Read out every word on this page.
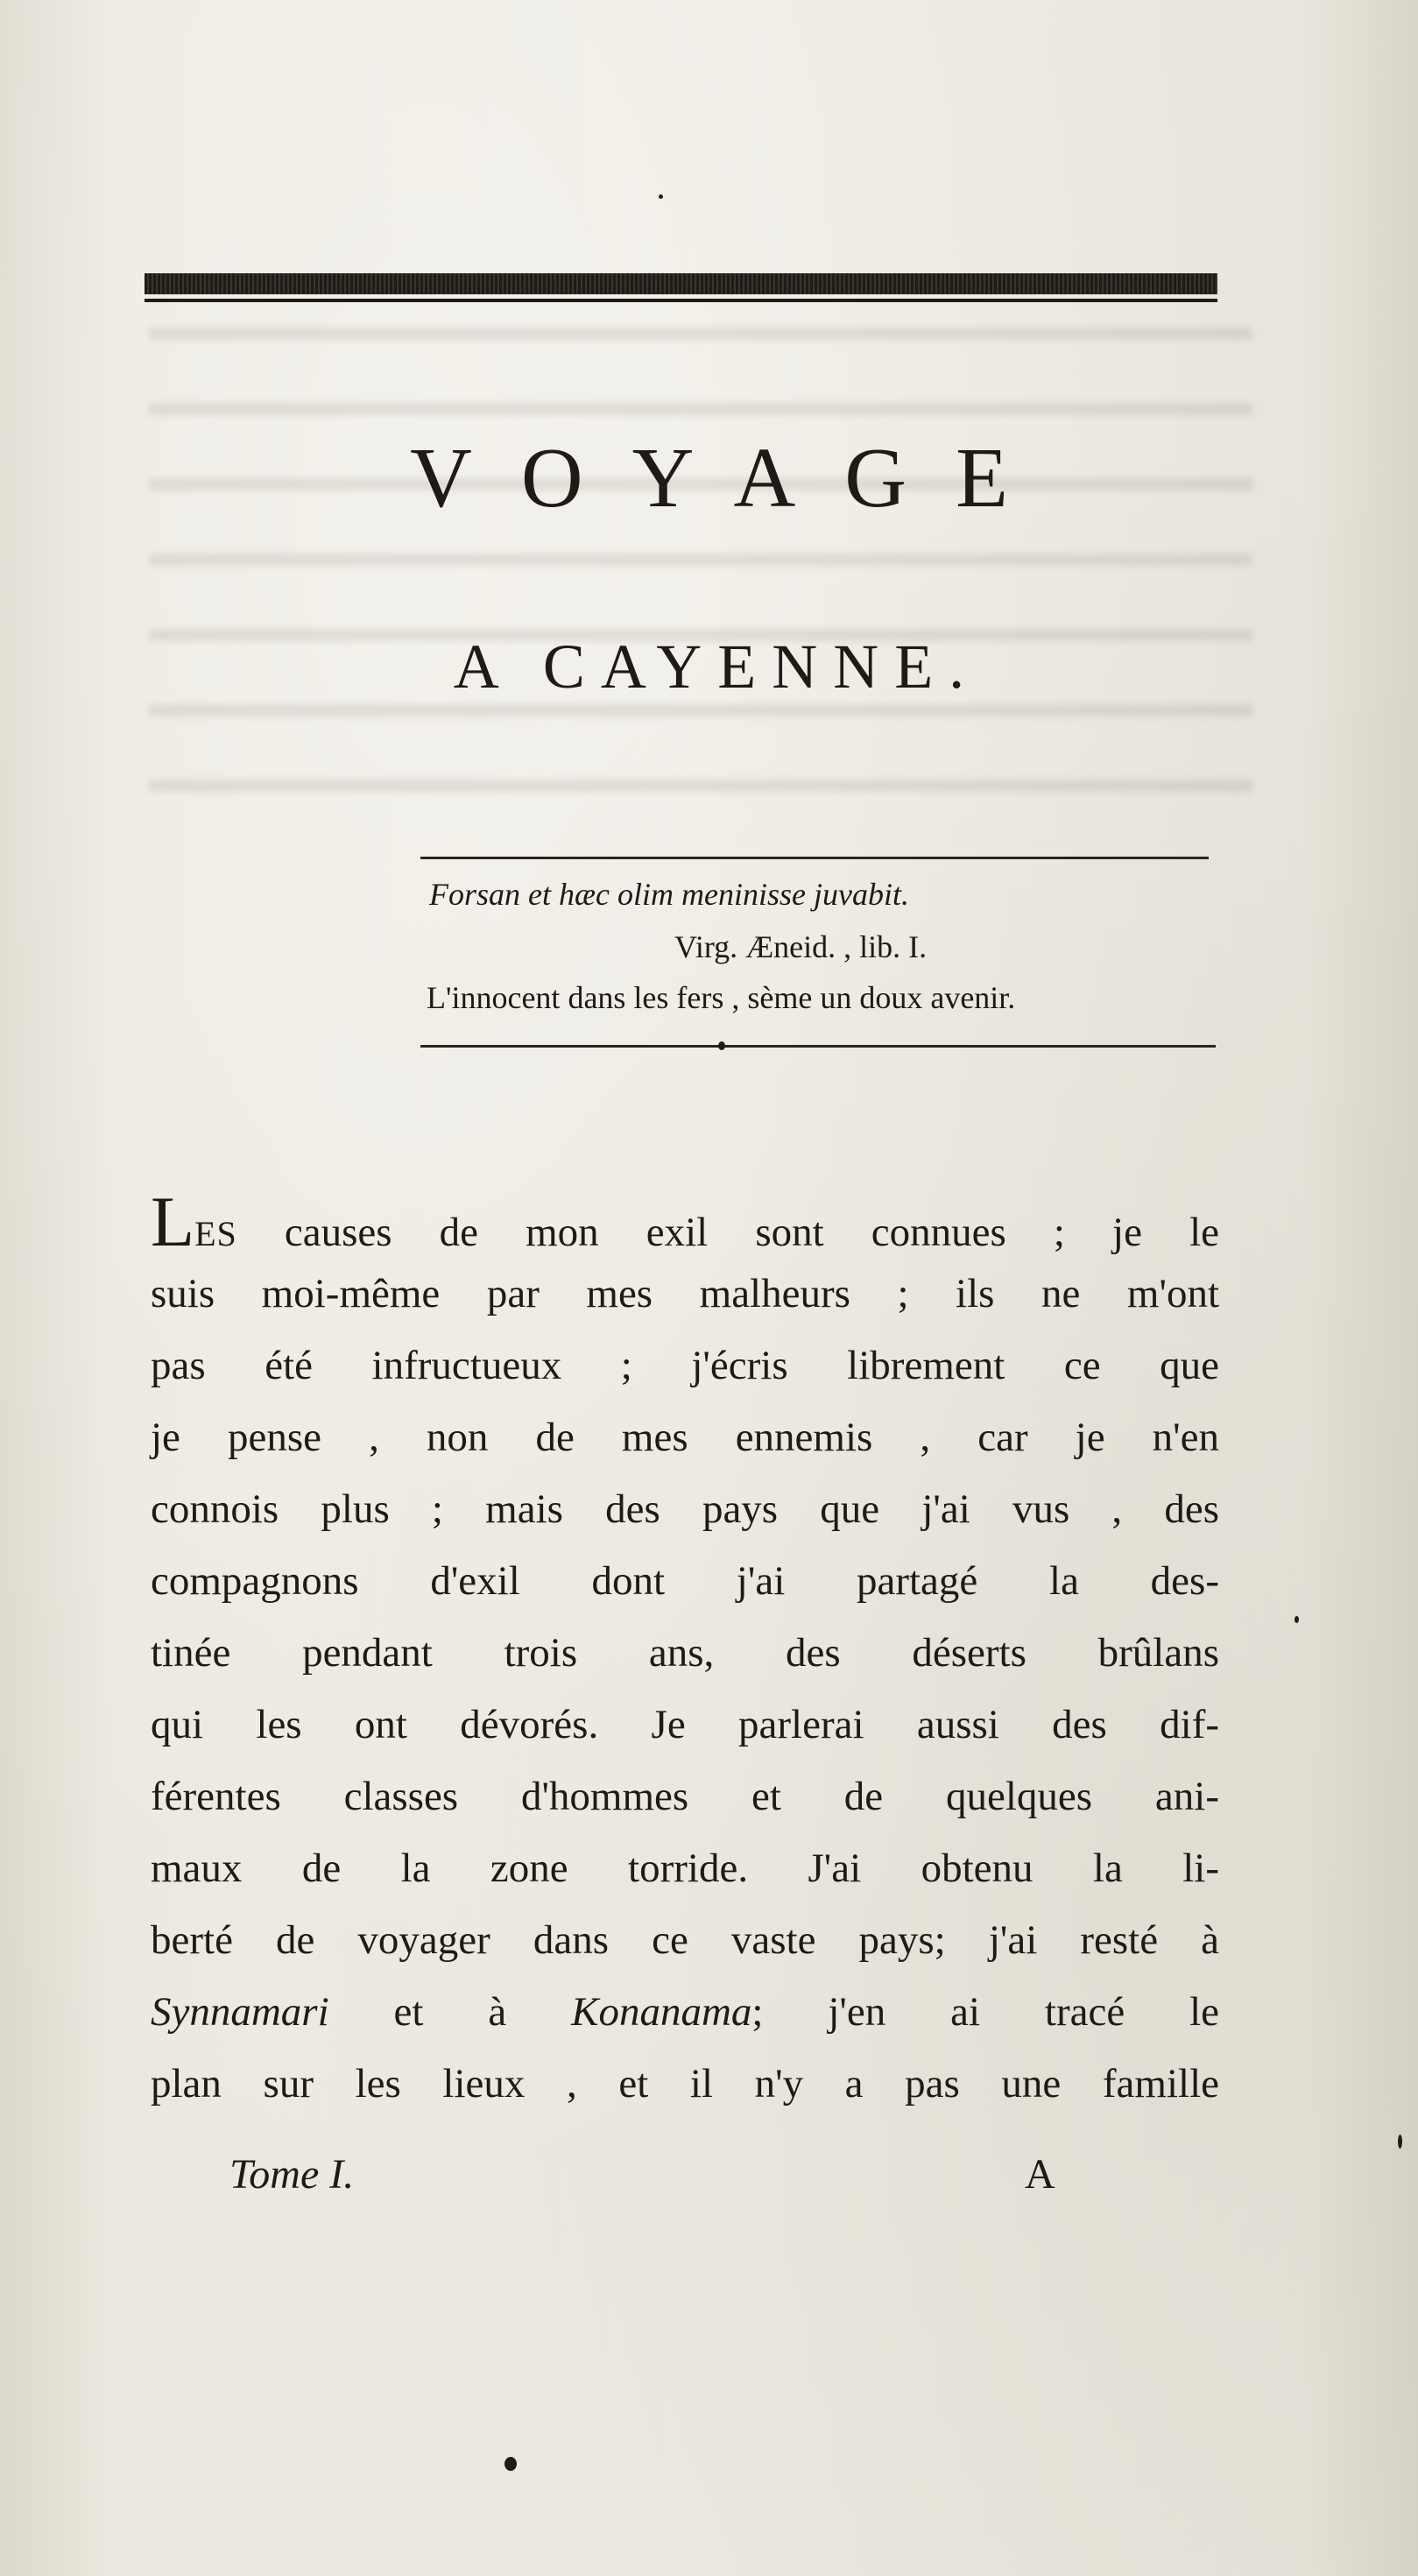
VOYAGE
A CAYENNE.
Forsan et hæc olim meninisse juvabit.
Virg. Æneid. , lib. I.
L'innocent dans les fers , sème un doux avenir.
LES causes de mon exil sont connues ; je le
suis moi-même par mes malheurs ; ils ne m'ont
pas été infructueux ; j'écris librement ce que
je pense , non de mes ennemis , car je n'en
connois plus ; mais des pays que j'ai vus , des
compagnons d'exil dont j'ai partagé la des-
tinée pendant trois ans, des déserts brûlans
qui les ont dévorés. Je parlerai aussi des dif-
férentes classes d'hommes et de quelques ani-
maux de la zone torride. J'ai obtenu la li-
berté de voyager dans ce vaste pays; j'ai resté à
Synnamari et à Konanama; j'en ai tracé le
plan sur les lieux , et il n'y a pas une famille
Tome I.	A
